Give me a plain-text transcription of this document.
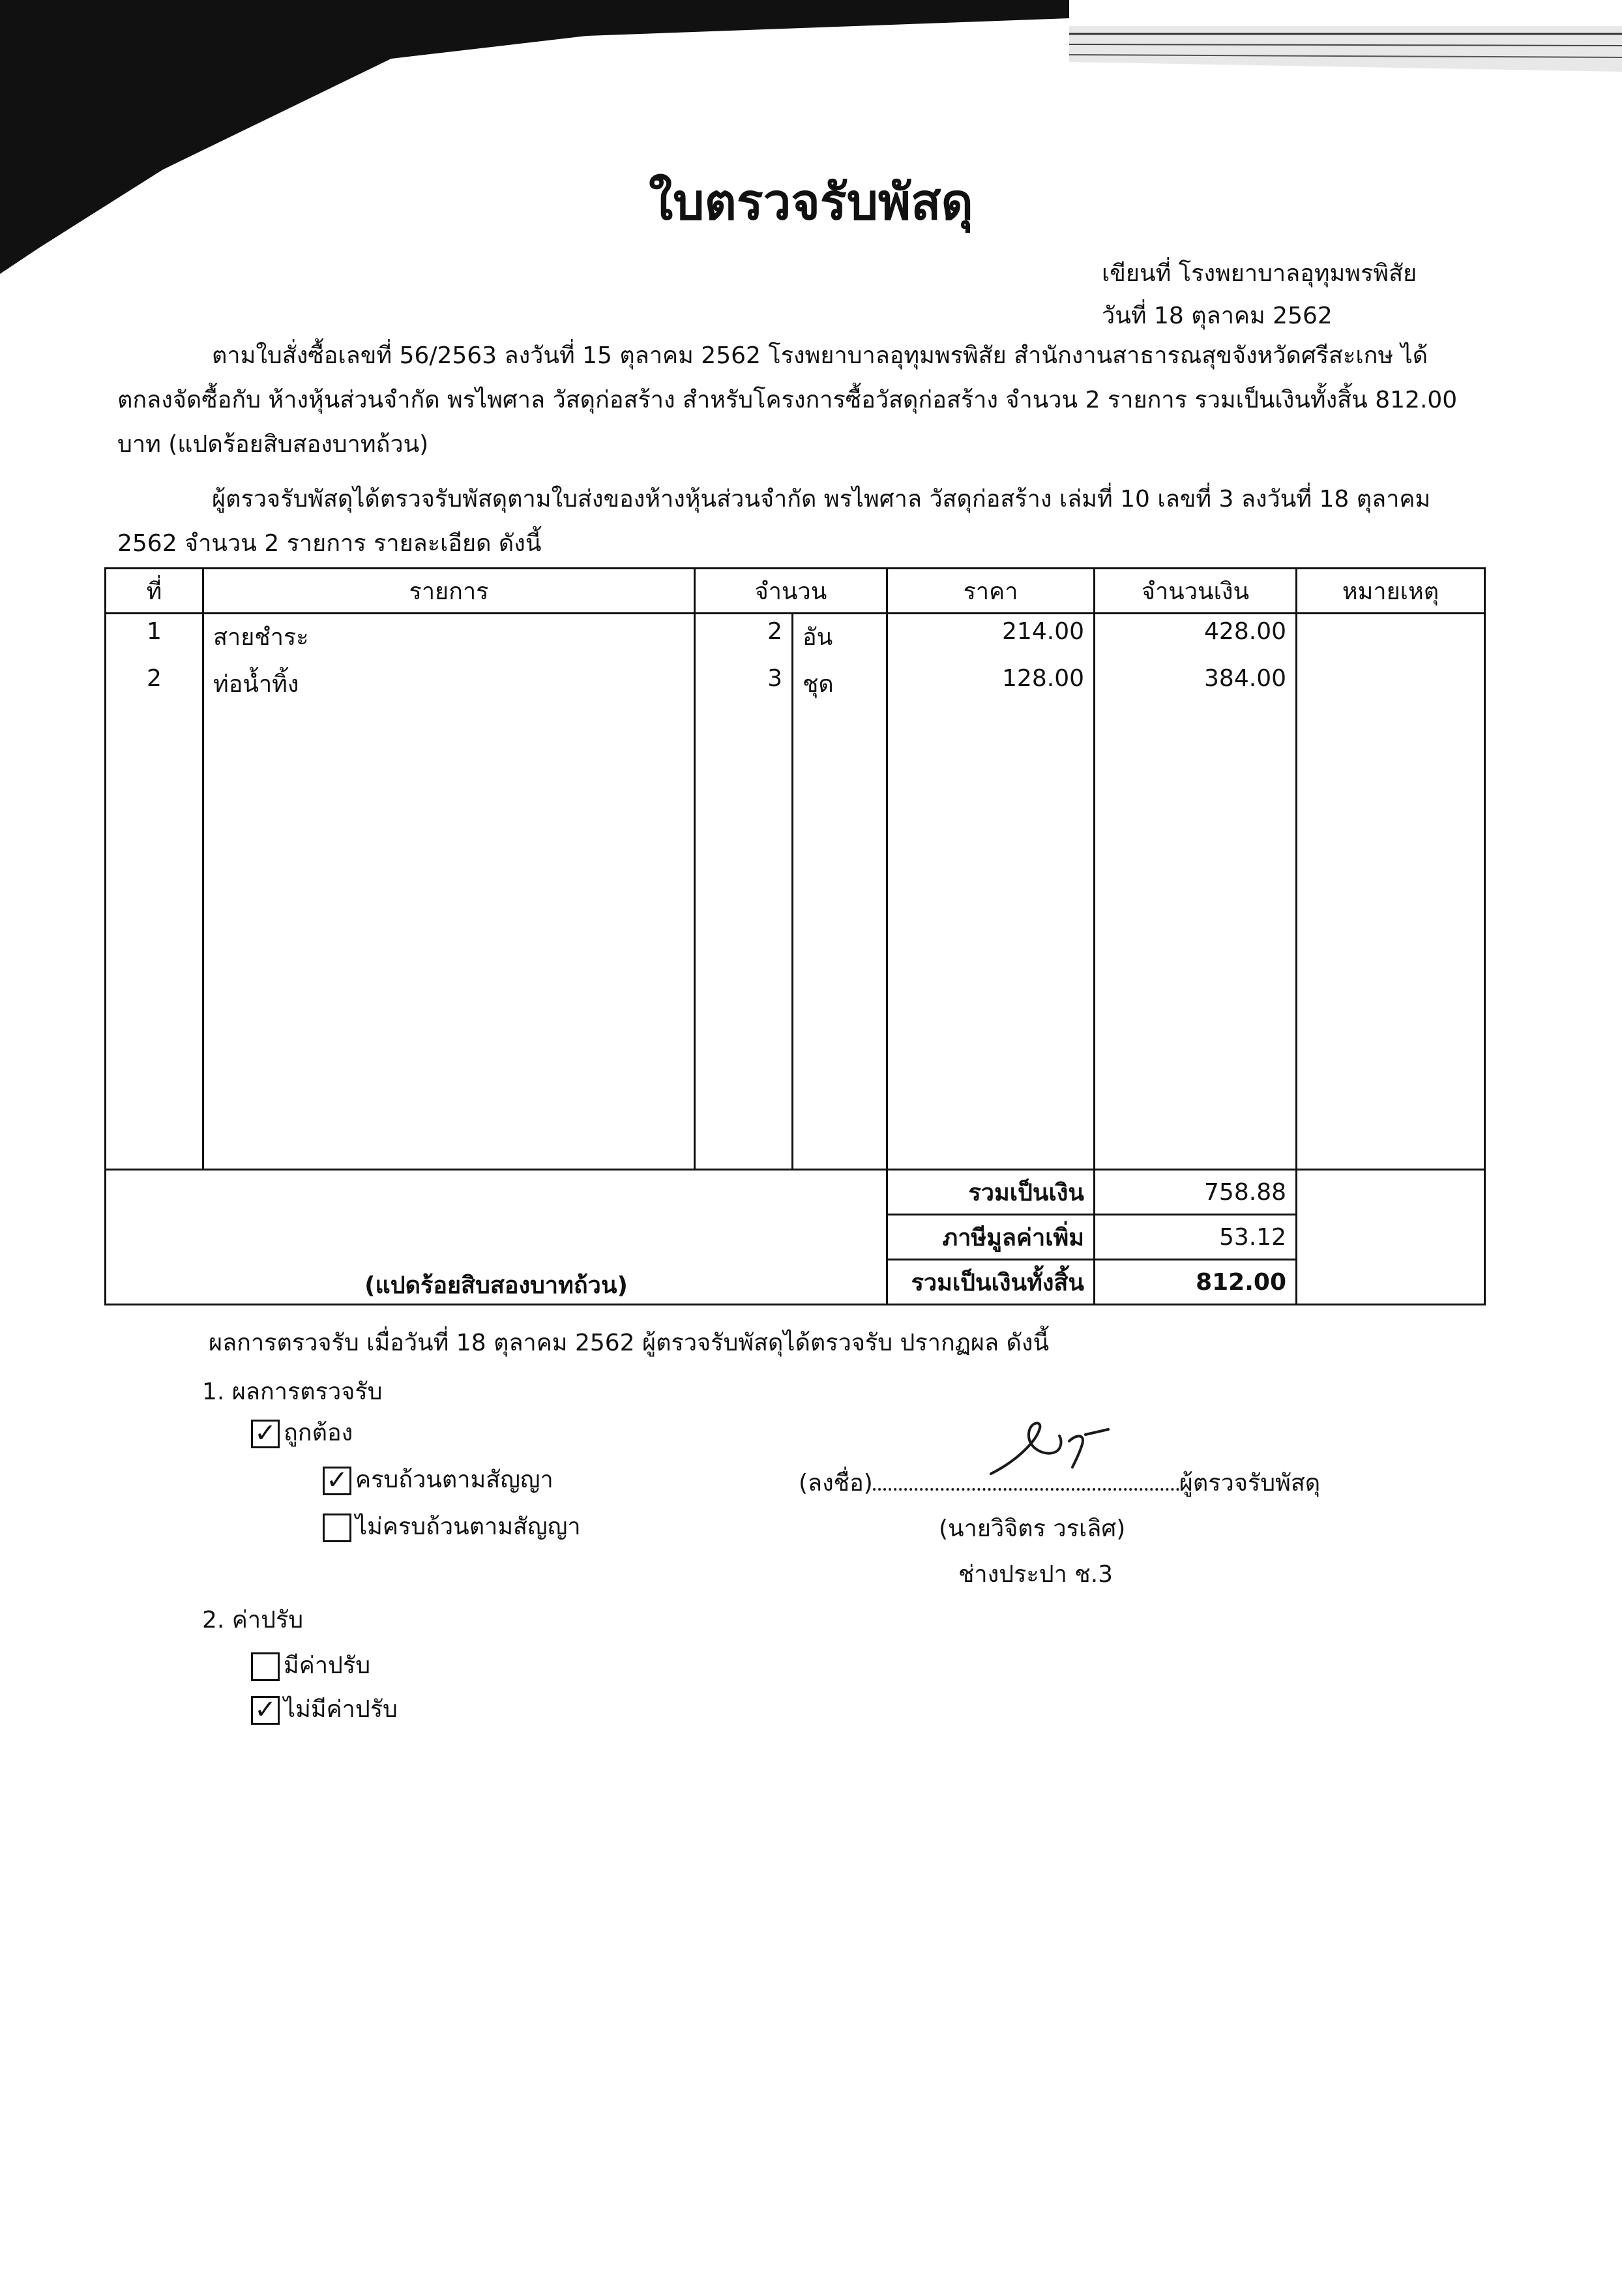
ใบตรวจรับพัสดุ
เขียนที่ โรงพยาบาลอุทุมพรพิสัย
วันที่ 18 ตุลาคม 2562
ตามใบสั่งซื้อเลขที่ 56/2563 ลงวันที่ 15 ตุลาคม 2562 โรงพยาบาลอุทุมพรพิสัย สำนักงานสาธารณสุขจังหวัดศรีสะเกษ ได้ตกลงจัดซื้อกับ ห้างหุ้นส่วนจำกัด พรไพศาล วัสดุก่อสร้าง สำหรับโครงการซื้อวัสดุก่อสร้าง จำนวน 2 รายการ รวมเป็นเงินทั้งสิ้น 812.00 บาท (แปดร้อยสิบสองบาทถ้วน)
ผู้ตรวจรับพัสดุได้ตรวจรับพัสดุตามใบส่งของห้างหุ้นส่วนจำกัด พรไพศาล วัสดุก่อสร้าง เล่มที่ 10 เลขที่ 3 ลงวันที่ 18 ตุลาคม 2562 จำนวน 2 รายการ รายละเอียด ดังนี้
ที่	รายการ	จำนวน		ราคา	จำนวนเงิน	หมายเหตุ
1	สายชำระ	2	อัน	214.00	428.00	
2	ท่อน้ำทิ้ง	3	ชุด	128.00	384.00	

(แปดร้อยสิบสองบาทถ้วน)				รวมเป็นเงิน	758.88	
				ภาษีมูลค่าเพิ่ม	53.12	
				รวมเป็นเงินทั้งสิ้น	812.00	
ผลการตรวจรับ เมื่อวันที่ 18 ตุลาคม 2562 ผู้ตรวจรับพัสดุได้ตรวจรับ ปรากฏผล ดังนี้
1. ผลการตรวจรับ
✓ ถูกต้อง
✓ ครบถ้วนตามสัญญา
ไม่ครบถ้วนตามสัญญา
(ลงชื่อ)	ผู้ตรวจรับพัสดุ
(นายวิจิตร วรเลิศ)
ช่างประปา ช.3
2. ค่าปรับ
มีค่าปรับ
✓ ไม่มีค่าปรับ
